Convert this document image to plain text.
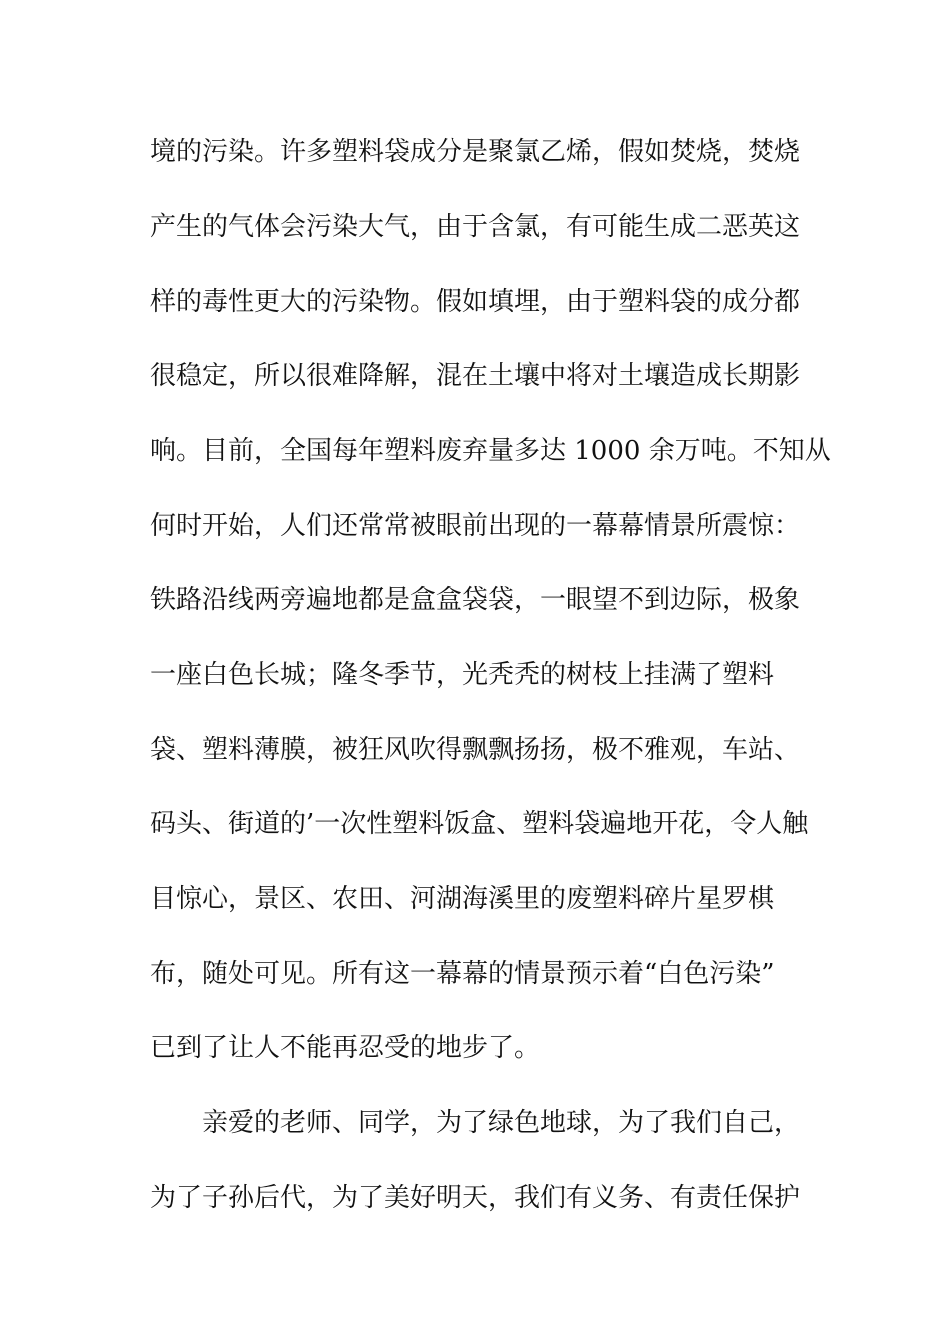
境的污染。许多塑料袋成分是聚氯乙烯，假如焚烧，焚烧
产生的气体会污染大气，由于含氯，有可能生成二恶英这
样的毒性更大的污染物。假如填埋，由于塑料袋的成分都
很稳定，所以很难降解，混在土壤中将对土壤造成长期影
响。目前，全国每年塑料废弃量多达 1000 余万吨。不知从
何时开始，人们还常常被眼前出现的一幕幕情景所震惊：
铁路沿线两旁遍地都是盒盒袋袋，一眼望不到边际，极象
一座白色长城；隆冬季节，光秃秃的树枝上挂满了塑料
袋、塑料薄膜，被狂风吹得飘飘扬扬，极不雅观，车站、
码头、街道的’一次性塑料饭盒、塑料袋遍地开花，令人触
目惊心，景区、农田、河湖海溪里的废塑料碎片星罗棋
布，随处可见。所有这一幕幕的情景预示着“白色污染”
已到了让人不能再忍受的地步了。
亲爱的老师、同学，为了绿色地球，为了我们自己，
为了子孙后代，为了美好明天，我们有义务、有责任保护
